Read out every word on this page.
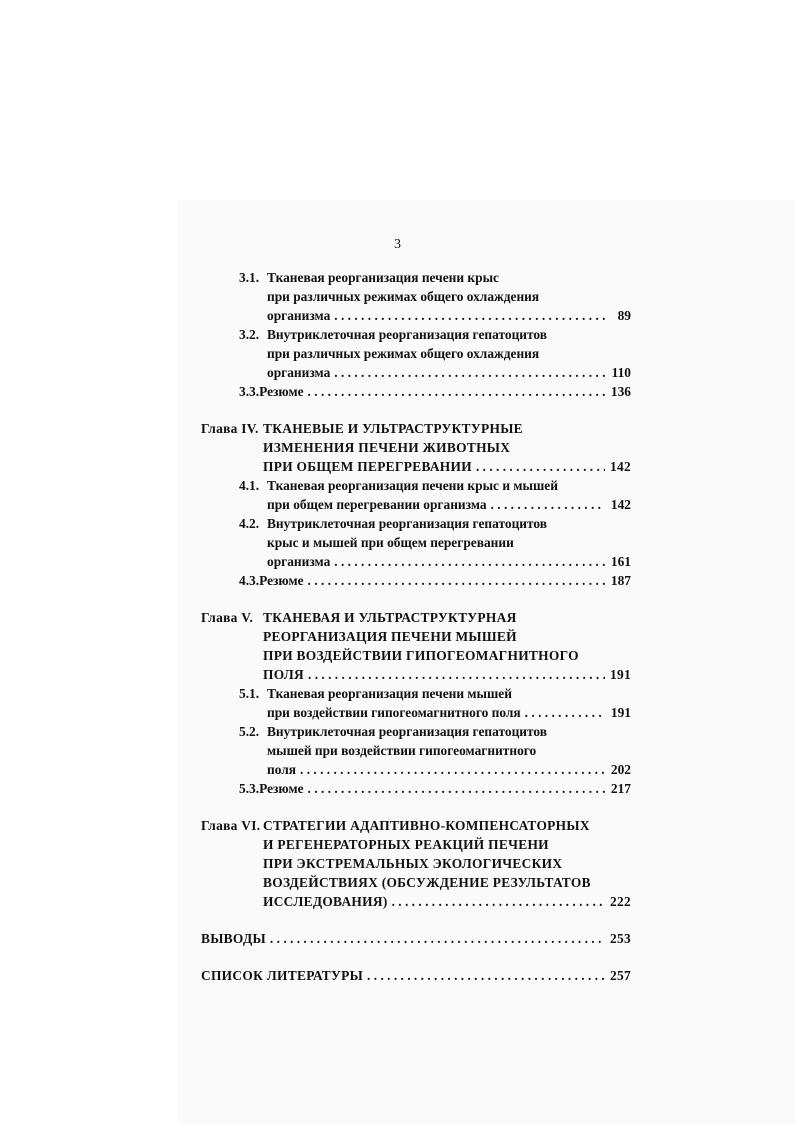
3
3.1. Тканевая реорганизация печени крыс
при различных режимах общего охлаждения
организма . . .	89
3.2. Внутриклеточная реорганизация гепатоцитов
при различных режимах общего охлаждения
организма . . .	110
3.3. Резюме . . .	136
Глава IV. ТКАНЕВЫЕ И УЛЬТРАСТРУКТУРНЫЕ
ИЗМЕНЕНИЯ ПЕЧЕНИ ЖИВОТНЫХ
ПРИ ОБЩЕМ ПЕРЕГРЕВАНИИ . . .	142
4.1. Тканевая реорганизация печени крыс и мышей
при общем перегревании организма . . .	142
4.2. Внутриклеточная реорганизация гепатоцитов
крыс и мышей при общем перегревании
организма . . .	161
4.3. Резюме . . .	187
Глава V. ТКАНЕВАЯ И УЛЬТРАСТРУКТУРНАЯ
РЕОРГАНИЗАЦИЯ ПЕЧЕНИ МЫШЕЙ
ПРИ ВОЗДЕЙСТВИИ ГИПОГЕОМАГНИТНОГО
ПОЛЯ . . .	191
5.1. Тканевая реорганизация печени мышей
при воздействии гипогеомагнитного поля . . .	191
5.2. Внутриклеточная реорганизация гепатоцитов
мышей при воздействии гипогеомагнитного
поля . . .	202
5.3. Резюме . . .	217
Глава VI. СТРАТЕГИИ АДАПТИВНО-КОМПЕНСАТОРНЫХ
И РЕГЕНЕРАТОРНЫХ РЕАКЦИЙ ПЕЧЕНИ
ПРИ ЭКСТРЕМАЛЬНЫХ ЭКОЛОГИЧЕСКИХ
ВОЗДЕЙСТВИЯХ (ОБСУЖДЕНИЕ РЕЗУЛЬТАТОВ
ИССЛЕДОВАНИЯ) . . .	222
ВЫВОДЫ . . .	253
СПИСОК ЛИТЕРАТУРЫ . . .	257
